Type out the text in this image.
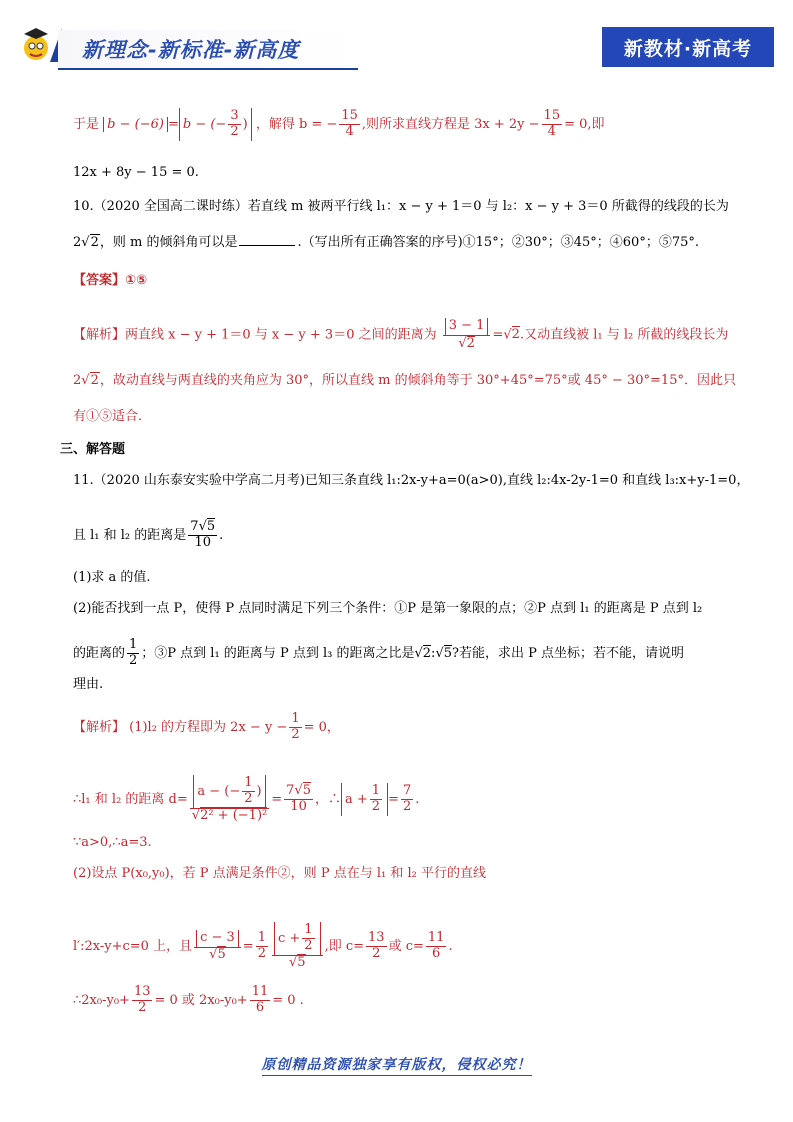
新理念-新标准-新高度	新教材·新高考
于是 b − (−6) = b − (− $\frac{3}{2}$ ) ，解得 b = − $\frac{15}{4}$ ,则所求直线方程是 $3x + 2y - \frac{15}{4} = 0$,即
12x + 8y − 15 = 0.
10.（2020 全国高二课时练）若直线 m 被两平行线 l₁：x − y + 1＝0 与 l₂：x − y + 3＝0 所截得的线段的长为
2√2，则 m 的倾斜角可以是	.（写出所有正确答案的序号)①15°；②30°；③45°；④60°；⑤75°.
【答案】①⑤
【解析】两直线 x − y + 1＝0 与 x − y + 3＝0 之间的距离为 $\frac{3 - 1}{√2} =√2$.又动直线被 l₁ 与 l₂ 所截的线段长为
2√2，故动直线与两直线的夹角应为 30°，所以直线 m 的倾斜角等于 30°+45°=75°或 45° − 30°=15°．因此只
有①⑤适合．
三、解答题
11.（2020 山东泰安实验中学高二月考)已知三条直线 l₁:2x-y+a=0(a>0),直线 l₂:4x-2y-1=0 和直线 l₃:x+y-1=0，
且 l₁ 和 l₂ 的距离是 $\frac{7√5}{10}$ .
(1)求 a 的值.
(2)能否找到一点 P，使得 P 点同时满足下列三个条件：①P 是第一象限的点；②P 点到 l₁ 的距离是 P 点到 l₂
的距离的 $\frac{1}{2}$ ；③P 点到 l₁ 的距离与 P 点到 l₃ 的距离之比是√2:√5?若能，求出 P 点坐标；若不能，请说明
理由.
【解析】 (1)l₂ 的方程即为 $2x - y - \frac{1}{2} = 0$，
∴l₁ 和 l₂ 的距离 $d= \frac{a - (- \frac{1}{2} )}{\text{√2² + (−1)²}} = \frac{7√5}{10}$ ，∴ $a + \frac{1}{2} = \frac{7}{2}$ .
∵a>0,∴a=3.
(2)设点 P(x₀,y₀)，若 P 点满足条件②，则 P 点在与 l₁ 和 l₂ 平行的直线
l′:2x-y+c=0 上，且 $\frac{c - 3}{√5} = \frac{1}{2} \frac{c + \frac{1}{2}}{√5}$ ,即 $c= \frac{13}{2}$ 或 $c= \frac{11}{6}$ .
∴2x₀-y₀+ $\frac{13}{2} = 0$ 或 $2x_0-y_0+ \frac{11}{6} = 0$ .
原创精品资源独家享有版权，侵权必究！
